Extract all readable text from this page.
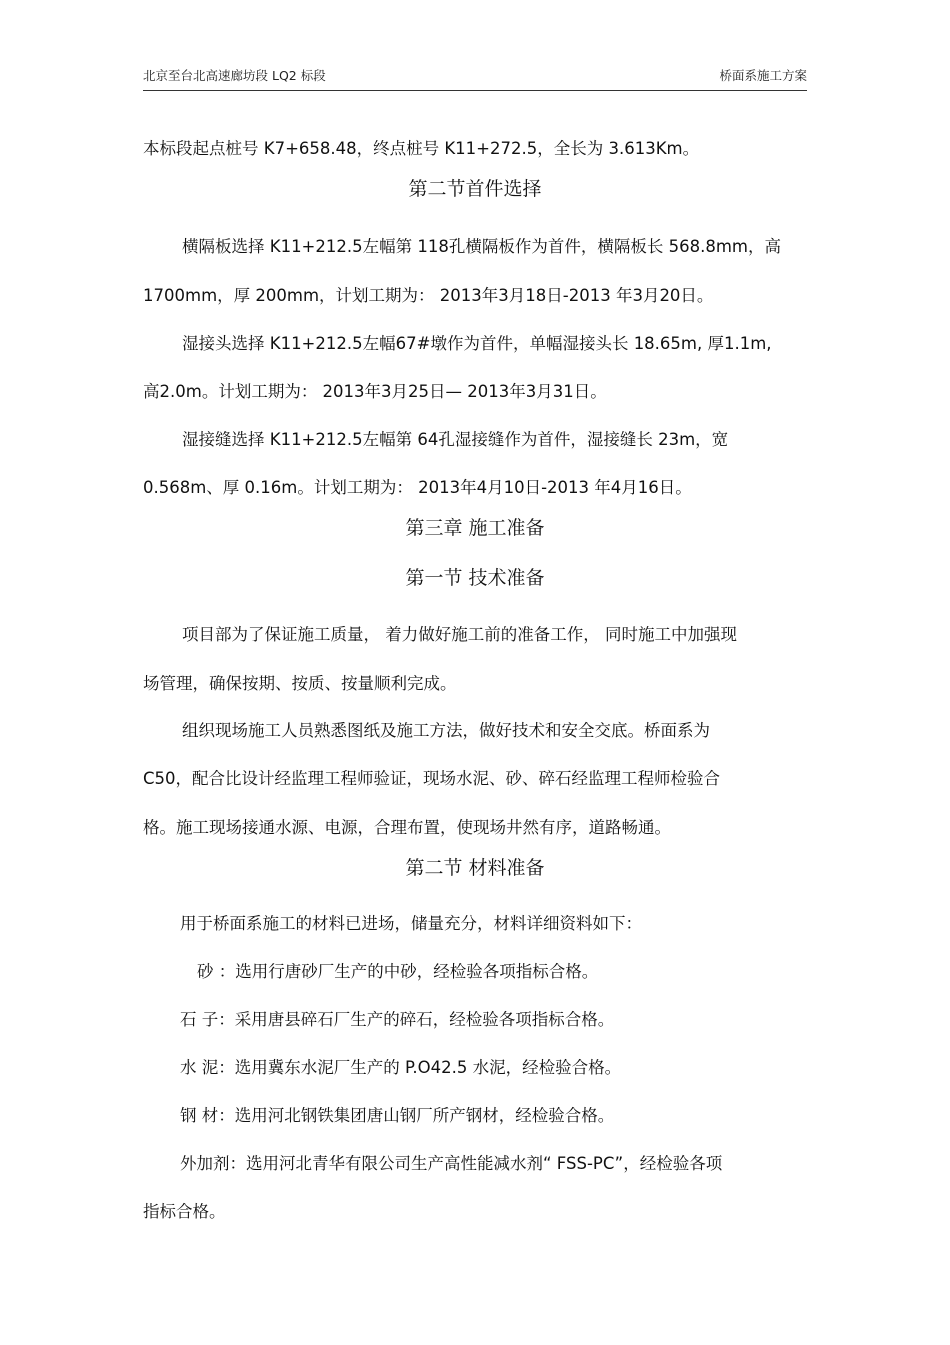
北京至台北高速廊坊段 LQ2 标段	桥面系施工方案
本标段起点桩号 K7+658.48，终点桩号 K11+272.5，全长为 3.613Km。
第二节首件选择
横隔板选择 K11+212.5左幅第 118孔横隔板作为首件，横隔板长 568.8mm，高
1700mm，厚 200mm，计划工期为： 2013年3月18日-2013 年3月20日。
湿接头选择 K11+212.5左幅67#墩作为首件，单幅湿接头长 18.65m, 厚1.1m,
高2.0m。计划工期为： 2013年3月25日— 2013年3月31日。
湿接缝选择 K11+212.5左幅第 64孔湿接缝作为首件，湿接缝长 23m，宽
0.568m、厚 0.16m。计划工期为： 2013年4月10日-2013 年4月16日。
第三章 施工准备
第一节 技术准备
项目部为了保证施工质量， 着力做好施工前的准备工作， 同时施工中加强现
场管理，确保按期、按质、按量顺利完成。
组织现场施工人员熟悉图纸及施工方法，做好技术和安全交底。桥面系为
C50，配合比设计经监理工程师验证，现场水泥、砂、碎石经监理工程师检验合
格。施工现场接通水源、电源，合理布置，使现场井然有序，道路畅通。
第二节 材料准备
用于桥面系施工的材料已进场，储量充分，材料详细资料如下：
砂 ：选用行唐砂厂生产的中砂，经检验各项指标合格。
石 子：采用唐县碎石厂生产的碎石，经检验各项指标合格。
水 泥：选用冀东水泥厂生产的 P.O42.5 水泥，经检验合格。
钢 材：选用河北钢铁集团唐山钢厂所产钢材，经检验合格。
外加剂：选用河北青华有限公司生产高性能减水剂“ FSS-PC”，经检验各项
指标合格。
